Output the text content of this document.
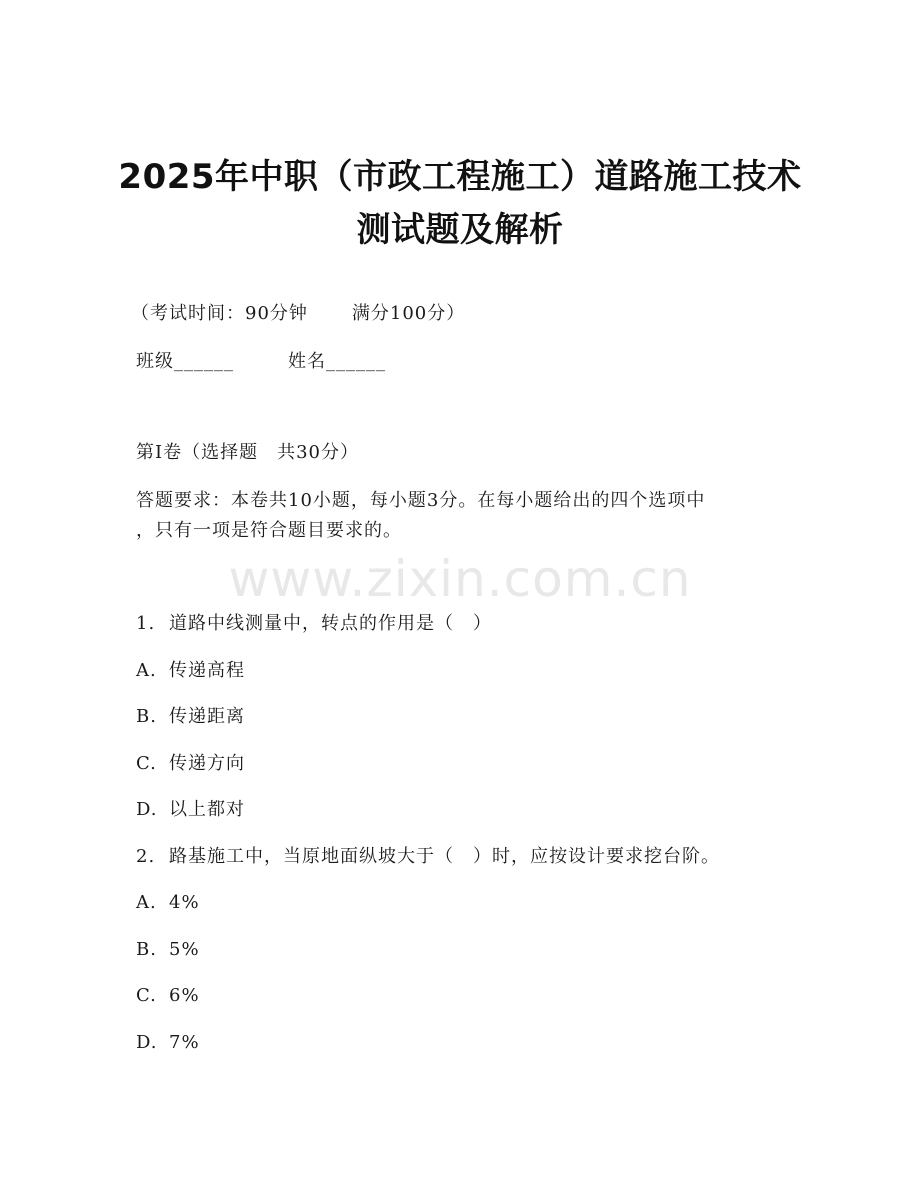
2025年中职（市政工程施工）道路施工技术
测试题及解析
（考试时间：90分钟 满分100分）
班级______	姓名______
第Ⅰ卷（选择题　共30分）
答题要求：本卷共10小题，每小题3分。在每小题给出的四个选项中
，只有一项是符合题目要求的。
www.zixin.com.cn
1. 道路中线测量中，转点的作用是（　）
A. 传递高程
B. 传递距离
C. 传递方向
D. 以上都对
2. 路基施工中，当原地面纵坡大于（　）时，应按设计要求挖台阶。
A. 4%
B. 5%
C. 6%
D. 7%
